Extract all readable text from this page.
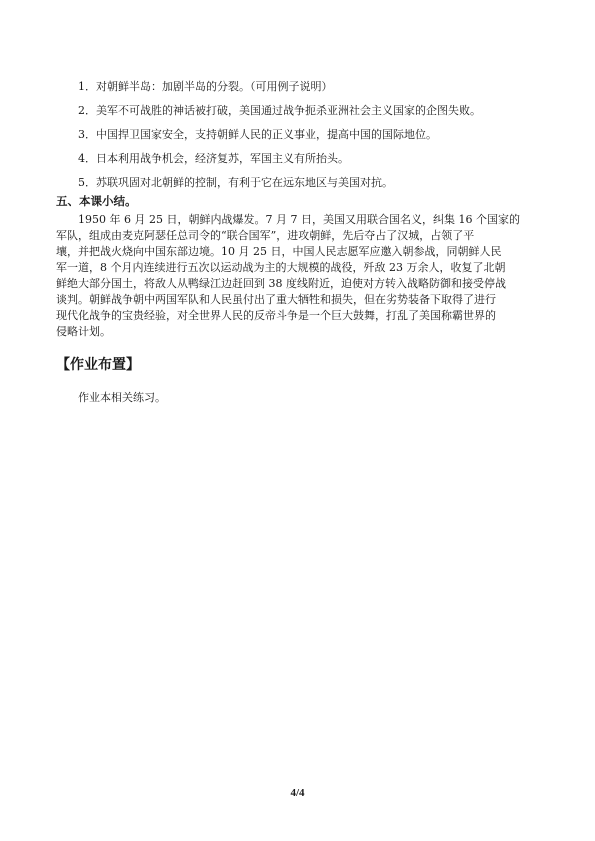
1．对朝鲜半岛：加剧半岛的分裂。（可用例子说明）
2．美军不可战胜的神话被打破，美国通过战争扼杀亚洲社会主义国家的企图失败。
3．中国捍卫国家安全，支持朝鲜人民的正义事业，提高中国的国际地位。
4．日本利用战争机会，经济复苏，军国主义有所抬头。
5．苏联巩固对北朝鲜的控制，有利于它在远东地区与美国对抗。
五、本课小结。
1950 年 6 月 25 日，朝鲜内战爆发。7 月 7 日，美国又用联合国名义，纠集 16 个国家的
军队，组成由麦克阿瑟任总司令的“联合国军”，进攻朝鲜，先后夺占了汉城，占领了平
壤，并把战火烧向中国东部边境。10 月 25 日，中国人民志愿军应邀入朝参战，同朝鲜人民
军一道，8 个月内连续进行五次以运动战为主的大规模的战役，歼敌 23 万余人，收复了北朝
鲜绝大部分国土，将敌人从鸭绿江边赶回到 38 度线附近，迫使对方转入战略防御和接受停战
谈判。朝鲜战争朝中两国军队和人民虽付出了重大牺牲和损失，但在劣势装备下取得了进行
【作业布置】
作业本相关练习。
4/4
现代化战争的宝贵经验，对全世界人民的反帝斗争是一个巨大鼓舞，打乱了美国称霸世界的
侵略计划。
